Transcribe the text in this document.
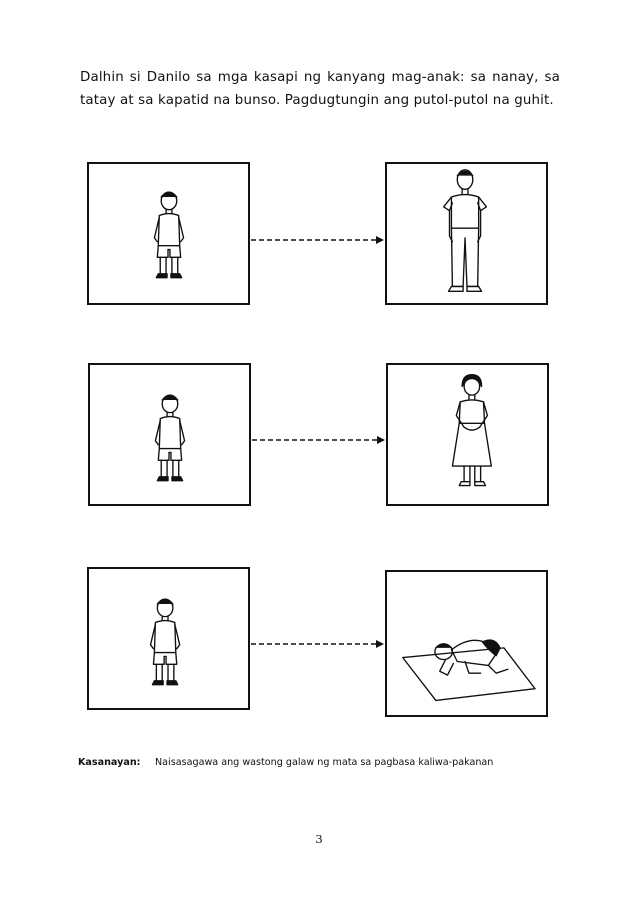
Dalhin si Danilo sa mga kasapi ng kanyang mag-anak: sa nanay, sa tatay at sa kapatid na bunso. Pagdugtungin ang putol-putol na guhit.

Kasanayan: Naisasagawa ang wastong galaw ng mata sa pagbasa kaliwa-pakanan
3
